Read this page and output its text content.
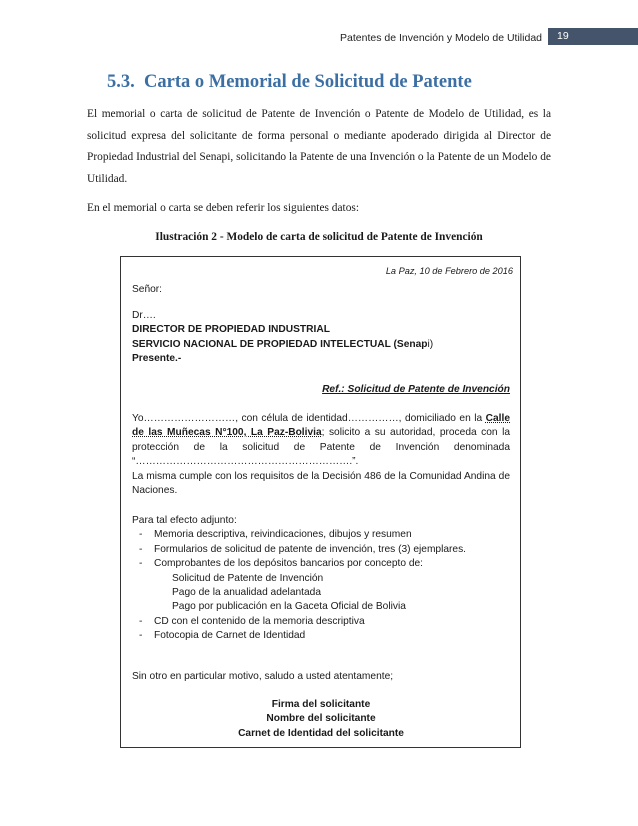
Patentes de Invención y Modelo de Utilidad	19
5.3. Carta o Memorial de Solicitud de Patente
El memorial o carta de solicitud de Patente de Invención o Patente de Modelo de Utilidad, es la solicitud expresa del solicitante de forma personal o mediante apoderado dirigida al Director de Propiedad Industrial del Senapi, solicitando la Patente de una Invención o la Patente de un Modelo de Utilidad.
En el memorial o carta se deben referir los siguientes datos:
Ilustración 2 - Modelo de carta de solicitud de Patente de Invención
La Paz, 10 de Febrero de 2016
Señor:
Dr….
DIRECTOR DE PROPIEDAD INDUSTRIAL
SERVICIO NACIONAL DE PROPIEDAD INTELECTUAL (Senapi)
Presente.-
Ref.: Solicitud de Patente de Invención
Yo………………………, con célula de identidad……………, domiciliado en la Calle de las Muñecas N°100, La Paz-Bolivia; solicito a su autoridad, proceda con la protección de la solicitud de Patente de Invención denominada “……………………………………………………….”.
La misma cumple con los requisitos de la Decisión 486 de la Comunidad Andina de Naciones.
Para tal efecto adjunto:
- Memoria descriptiva, reivindicaciones, dibujos y resumen
- Formularios de solicitud de patente de invención, tres (3) ejemplares.
- Comprobantes de los depósitos bancarios por concepto de:
Solicitud de Patente de Invención
Pago de la anualidad adelantada
Pago por publicación en la Gaceta Oficial de Bolivia
- CD con el contenido de la memoria descriptiva
- Fotocopia de Carnet de Identidad
Sin otro en particular motivo, saludo a usted atentamente;
Firma del solicitante
Nombre del solicitante
Carnet de Identidad del solicitante
